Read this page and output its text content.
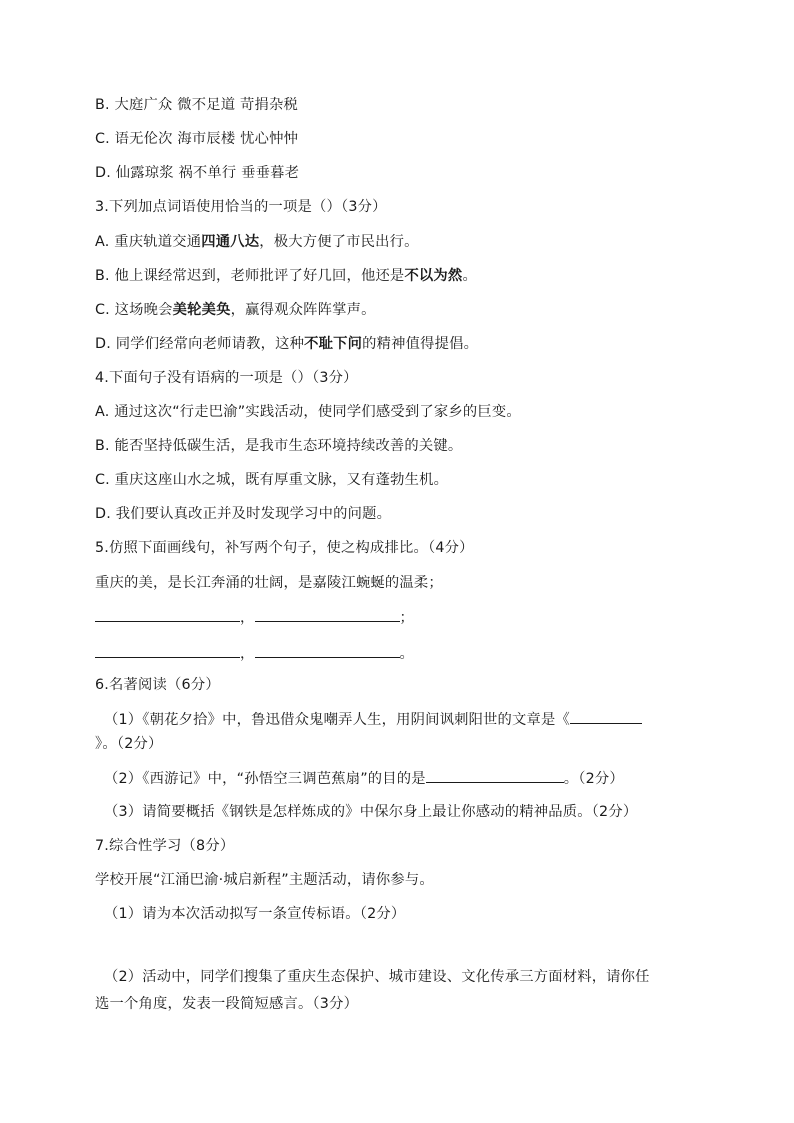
B. 大庭广众 微不足道 苛捐杂税
C. 语无伦次 海市辰楼 忧心忡忡
D. 仙露琼浆 祸不单行 垂垂暮老
3.下列加点词语使用恰当的一项是（）（3分）
A. 重庆轨道交通四通八达，极大方便了市民出行。
B. 他上课经常迟到，老师批评了好几回，他还是不以为然。
C. 这场晚会美轮美奂，赢得观众阵阵掌声。
D. 同学们经常向老师请教，这种不耻下问的精神值得提倡。
4.下面句子没有语病的一项是（）（3分）
A. 通过这次“行走巴渝”实践活动，使同学们感受到了家乡的巨变。
B. 能否坚持低碳生活，是我市生态环境持续改善的关键。
C. 重庆这座山水之城，既有厚重文脉，又有蓬勃生机。
D. 我们要认真改正并及时发现学习中的问题。
5.仿照下面画线句，补写两个句子，使之构成排比。（4分）
重庆的美，是长江奔涌的壮阔，是嘉陵江蜿蜒的温柔；
，	；
，	。
6.名著阅读（6分）
（1）《朝花夕拾》中，鲁迅借众鬼嘲弄人生，用阴间讽刺阳世的文章是《
》。（2分）
（2）《西游记》中，“孙悟空三调芭蕉扇”的目的是	。（2分）
（3）请简要概括《钢铁是怎样炼成的》中保尔身上最让你感动的精神品质。（2分）
7.综合性学习（8分）
学校开展“江涌巴渝·城启新程”主题活动，请你参与。
（1）请为本次活动拟写一条宣传标语。（2分）
（2）活动中，同学们搜集了重庆生态保护、城市建设、文化传承三方面材料，请你任
选一个角度，发表一段简短感言。（3分）
